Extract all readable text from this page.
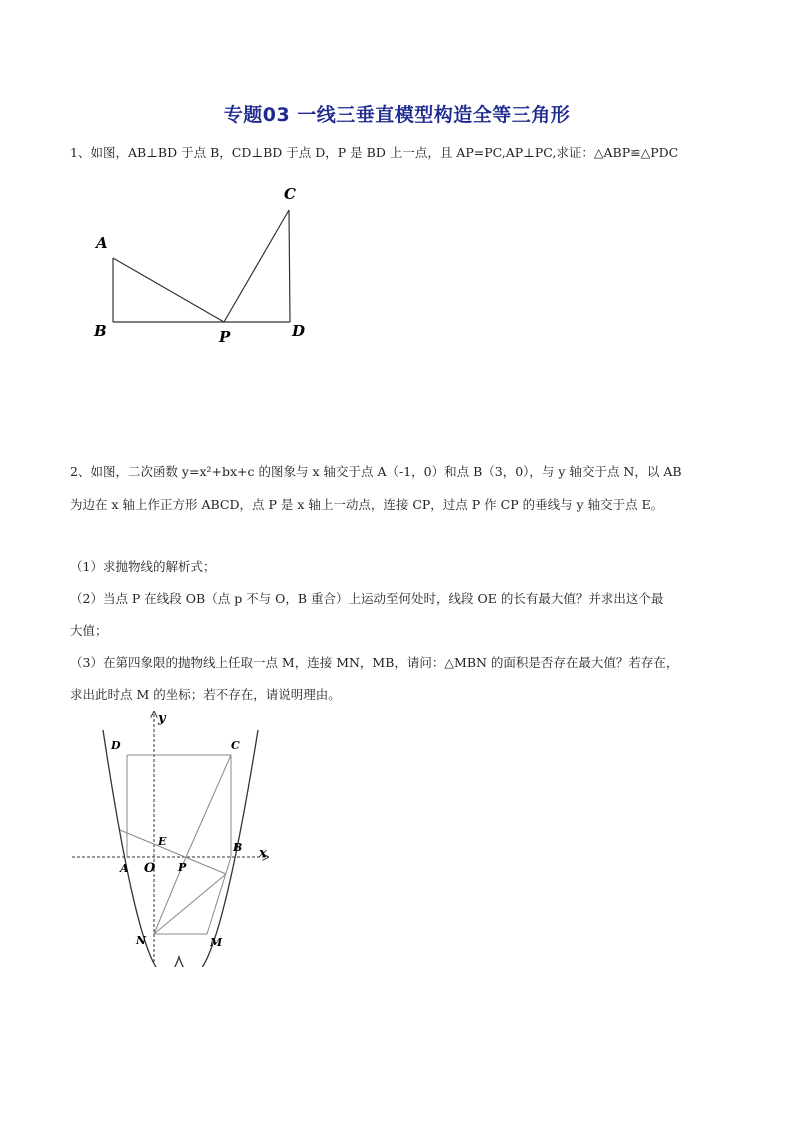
专题03 一线三垂直模型构造全等三角形
1、如图，AB⊥BD 于点 B，CD⊥BD 于点 D，P 是 BD 上一点，且 AP=PC,AP⊥PC,求证：△ABP≌△PDC
A
B	P	D
C
2、如图，二次函数 y=x²+bx+c 的图象与 x 轴交于点 A（-1，0）和点 B（3，0），与 y 轴交于点 N，以 AB
为边在 x 轴上作正方形 ABCD，点 P 是 x 轴上一动点，连接 CP，过点 P 作 CP 的垂线与 y 轴交于点 E。
（1）求抛物线的解析式；
（2）当点 P 在线段 OB（点 p 不与 O，B 重合）上运动至何处时，线段 OE 的长有最大值？并求出这个最
大值；
（3）在第四象限的抛物线上任取一点 M，连接 MN，MB，请问：△MBN 的面积是否存在最大值？若存在，
求出此时点 M 的坐标；若不存在，请说明理由。
y
x
D	C
E	B
A O P
N	M
